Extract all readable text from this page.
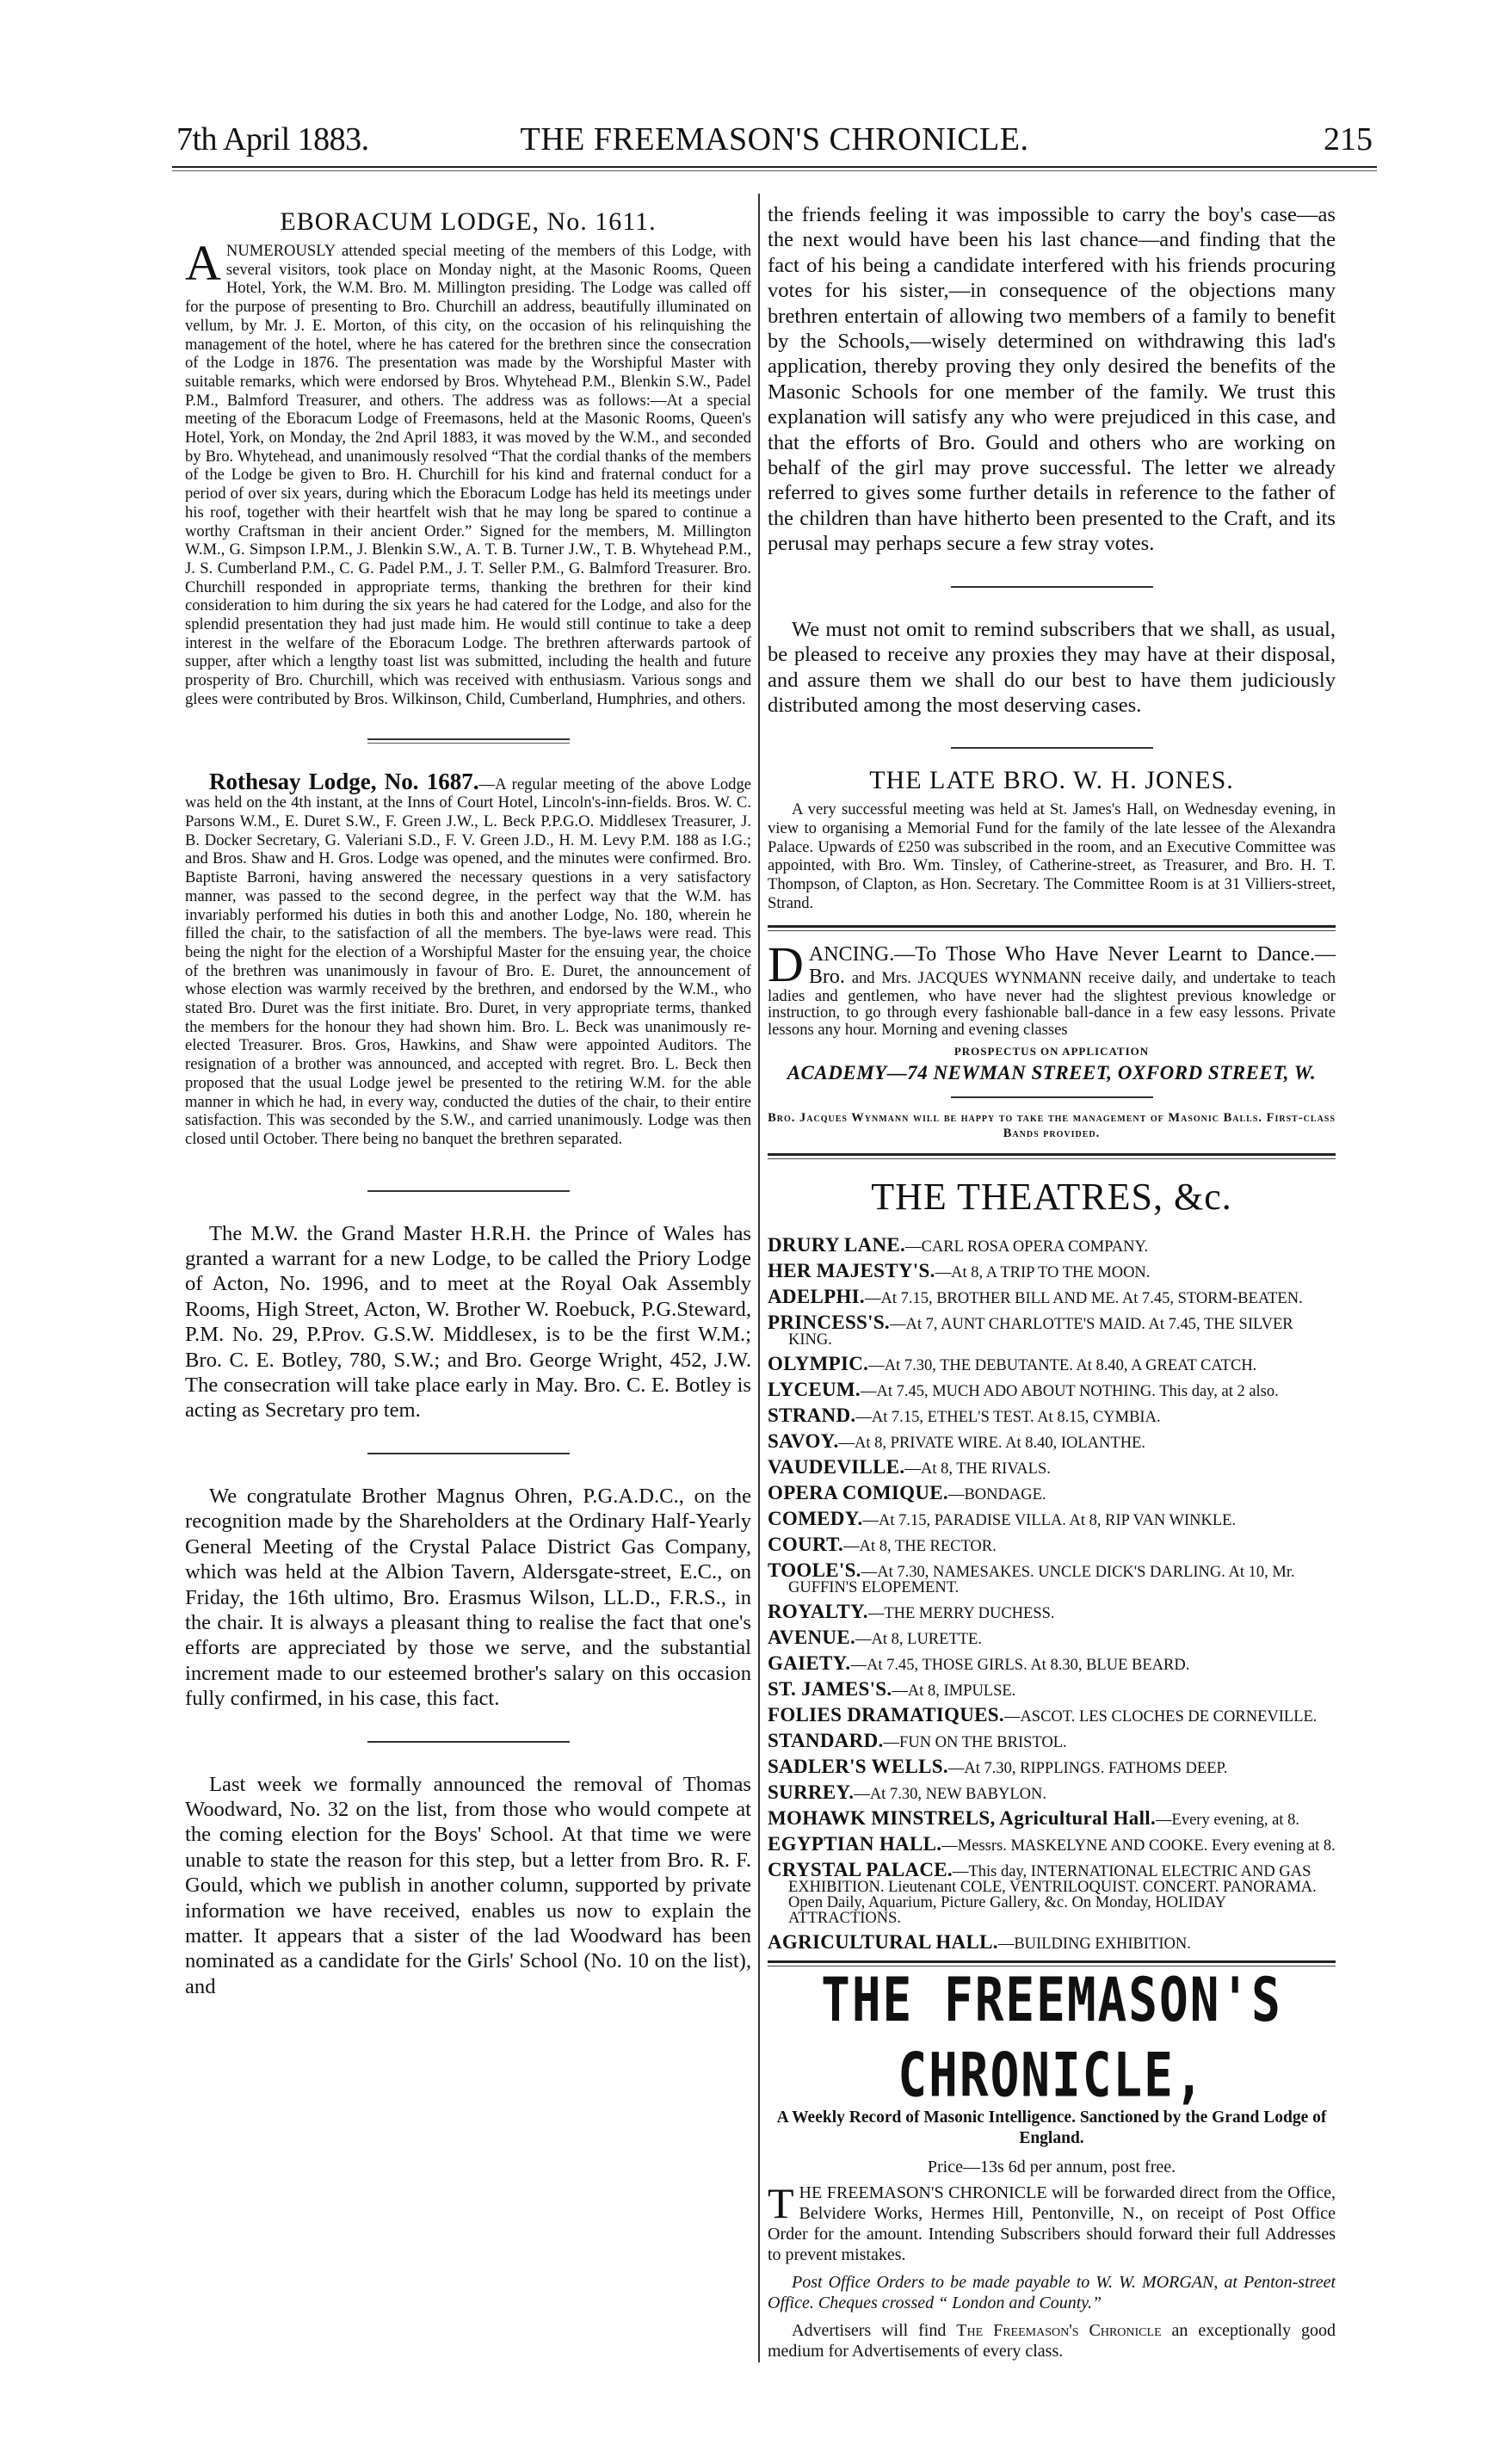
7th April 1883.	THE FREEMASON'S CHRONICLE.	215
EBORACUM LODGE, No. 1611.

ANUMEROUSLY attended special meeting of the members of this Lodge, with several visitors, took place on Monday night, at the Masonic Rooms, Queen Hotel, York, the W.M. Bro. M. Millington presiding. The Lodge was called off for the purpose of presenting to Bro. Churchill an address, beautifully illuminated on vellum, by Mr. J. E. Morton, of this city, on the occasion of his relinquishing the management of the hotel, where he has catered for the brethren since the consecration of the Lodge in 1876. The presentation was made by the Worshipful Master with suitable remarks, which were endorsed by Bros. Whytehead P.M., Blenkin S.W., Padel P.M., Balmford Treasurer, and others. The address was as follows:—At a special meeting of the Eboracum Lodge of Freemasons, held at the Masonic Rooms, Queen's Hotel, York, on Monday, the 2nd April 1883, it was moved by the W.M., and seconded by Bro. Whytehead, and unanimously resolved “That the cordial thanks of the members of the Lodge be given to Bro. H. Churchill for his kind and fraternal conduct for a period of over six years, during which the Eboracum Lodge has held its meetings under his roof, together with their heartfelt wish that he may long be spared to continue a worthy Craftsman in their ancient Order.” Signed for the members, M. Millington W.M., G. Simpson I.P.M., J. Blenkin S.W., A. T. B. Turner J.W., T. B. Whytehead P.M., J. S. Cumberland P.M., C. G. Padel P.M., J. T. Seller P.M., G. Balmford Treasurer. Bro. Churchill responded in appropriate terms, thanking the brethren for their kind consideration to him during the six years he had catered for the Lodge, and also for the splendid presentation they had just made him. He would still continue to take a deep interest in the welfare of the Eboracum Lodge. The brethren afterwards partook of supper, after which a lengthy toast list was submitted, including the health and future prosperity of Bro. Churchill, which was received with enthusiasm. Various songs and glees were contributed by Bros. Wilkinson, Child, Cumberland, Humphries, and others.

Rothesay Lodge, No. 1687.—A regular meeting of the above Lodge was held on the 4th instant, at the Inns of Court Hotel, Lincoln's-inn-fields. Bros. W. C. Parsons W.M., E. Duret S.W., F. Green J.W., L. Beck P.P.G.O. Middlesex Treasurer, J. B. Docker Secretary, G. Valeriani S.D., F. V. Green J.D., H. M. Levy P.M. 188 as I.G.; and Bros. Shaw and H. Gros. Lodge was opened, and the minutes were confirmed. Bro. Baptiste Barroni, having answered the necessary questions in a very satisfactory manner, was passed to the second degree, in the perfect way that the W.M. has invariably performed his duties in both this and another Lodge, No. 180, wherein he filled the chair, to the satisfaction of all the members. The bye-laws were read. This being the night for the election of a Worshipful Master for the ensuing year, the choice of the brethren was unanimously in favour of Bro. E. Duret, the announcement of whose election was warmly received by the brethren, and endorsed by the W.M., who stated Bro. Duret was the first initiate. Bro. Duret, in very appropriate terms, thanked the members for the honour they had shown him. Bro. L. Beck was unanimously re-elected Treasurer. Bros. Gros, Hawkins, and Shaw were appointed Auditors. The resignation of a brother was announced, and accepted with regret. Bro. L. Beck then proposed that the usual Lodge jewel be presented to the retiring W.M. for the able manner in which he had, in every way, conducted the duties of the chair, to their entire satisfaction. This was seconded by the S.W., and carried unanimously. Lodge was then closed until October. There being no banquet the brethren separated.

The M.W. the Grand Master H.R.H. the Prince of Wales has granted a warrant for a new Lodge, to be called the Priory Lodge of Acton, No. 1996, and to meet at the Royal Oak Assembly Rooms, High Street, Acton, W. Brother W. Roebuck, P.G.Steward, P.M. No. 29, P.Prov. G.S.W. Middlesex, is to be the first W.M.; Bro. C. E. Botley, 780, S.W.; and Bro. George Wright, 452, J.W. The consecration will take place early in May. Bro. C. E. Botley is acting as Secretary pro tem.

We congratulate Brother Magnus Ohren, P.G.A.D.C., on the recognition made by the Shareholders at the Ordinary Half-Yearly General Meeting of the Crystal Palace District Gas Company, which was held at the Albion Tavern, Aldersgate-street, E.C., on Friday, the 16th ultimo, Bro. Erasmus Wilson, LL.D., F.R.S., in the chair. It is always a pleasant thing to realise the fact that one's efforts are appreciated by those we serve, and the substantial increment made to our esteemed brother's salary on this occasion fully confirmed, in his case, this fact.

Last week we formally announced the removal of Thomas Woodward, No. 32 on the list, from those who would compete at the coming election for the Boys' School. At that time we were unable to state the reason for this step, but a letter from Bro. R. F. Gould, which we publish in another column, supported by private information we have received, enables us now to explain the matter. It appears that a sister of the lad Woodward has been nominated as a candidate for the Girls' School (No. 10 on the list), and

the friends feeling it was impossible to carry the boy's case—as the next would have been his last chance—and finding that the fact of his being a candidate interfered with his friends procuring votes for his sister,—in consequence of the objections many brethren entertain of allowing two members of a family to benefit by the Schools,—wisely determined on withdrawing this lad's application, thereby proving they only desired the benefits of the Masonic Schools for one member of the family. We trust this explanation will satisfy any who were prejudiced in this case, and that the efforts of Bro. Gould and others who are working on behalf of the girl may prove successful. The letter we already referred to gives some further details in reference to the father of the children than have hitherto been presented to the Craft, and its perusal may perhaps secure a few stray votes.

We must not omit to remind subscribers that we shall, as usual, be pleased to receive any proxies they may have at their disposal, and assure them we shall do our best to have them judiciously distributed among the most deserving cases.

THE LATE BRO. W. H. JONES.

A very successful meeting was held at St. James's Hall, on Wednesday evening, in view to organising a Memorial Fund for the family of the late lessee of the Alexandra Palace. Upwards of £250 was subscribed in the room, and an Executive Committee was appointed, with Bro. Wm. Tinsley, of Catherine-street, as Treasurer, and Bro. H. T. Thompson, of Clapton, as Hon. Secretary. The Committee Room is at 31 Villiers-street, Strand.

DANCING.—To Those Who Have Never Learnt to Dance.—Bro. and Mrs. JACQUES WYNMANN receive daily, and undertake to teach ladies and gentlemen, who have never had the slightest previous knowledge or instruction, to go through every fashionable ball-dance in a few easy lessons. Private lessons any hour. Morning and evening classes

PROSPECTUS ON APPLICATION
ACADEMY—74 NEWMAN STREET, OXFORD STREET, W.
Bro. Jacques Wynmann will be happy to take the management of Masonic Balls. First-class Bands provided.
THE THEATRES, &c.
DRURY LANE.—CARL ROSA OPERA COMPANY.
HER MAJESTY'S.—At 8, A TRIP TO THE MOON.
ADELPHI.—At 7.15, BROTHER BILL AND ME. At 7.45, STORM-BEATEN.
PRINCESS'S.—At 7, AUNT CHARLOTTE'S MAID. At 7.45, THE SILVER KING.
OLYMPIC.—At 7.30, THE DEBUTANTE. At 8.40, A GREAT CATCH.
LYCEUM.—At 7.45, MUCH ADO ABOUT NOTHING. This day, at 2 also.
STRAND.—At 7.15, ETHEL'S TEST. At 8.15, CYMBIA.
SAVOY.—At 8, PRIVATE WIRE. At 8.40, IOLANTHE.
VAUDEVILLE.—At 8, THE RIVALS.
OPERA COMIQUE.—BONDAGE.
COMEDY.—At 7.15, PARADISE VILLA. At 8, RIP VAN WINKLE.
COURT.—At 8, THE RECTOR.
TOOLE'S.—At 7.30, NAMESAKES. UNCLE DICK'S DARLING. At 10, Mr. GUFFIN'S ELOPEMENT.
ROYALTY.—THE MERRY DUCHESS.
AVENUE.—At 8, LURETTE.
GAIETY.—At 7.45, THOSE GIRLS. At 8.30, BLUE BEARD.
ST. JAMES'S.—At 8, IMPULSE.
FOLIES DRAMATIQUES.—ASCOT. LES CLOCHES DE CORNEVILLE.
STANDARD.—FUN ON THE BRISTOL.
SADLER'S WELLS.—At 7.30, RIPPLINGS. FATHOMS DEEP.
SURREY.—At 7.30, NEW BABYLON.
MOHAWK MINSTRELS, Agricultural Hall.—Every evening, at 8.
EGYPTIAN HALL.—Messrs. MASKELYNE AND COOKE. Every evening at 8.
CRYSTAL PALACE.—This day, INTERNATIONAL ELECTRIC AND GAS EXHIBITION. Lieutenant COLE, VENTRILOQUIST. CONCERT. PANORAMA. Open Daily, Aquarium, Picture Gallery, &c. On Monday, HOLIDAY ATTRACTIONS.
AGRICULTURAL HALL.—BUILDING EXHIBITION.
THE FREEMASON'S CHRONICLE,
A Weekly Record of Masonic Intelligence. Sanctioned by the Grand Lodge of England.
Price—13s 6d per annum, post free.

THE FREEMASON'S CHRONICLE will be forwarded direct from the Office, Belvidere Works, Hermes Hill, Pentonville, N., on receipt of Post Office Order for the amount. Intending Subscribers should forward their full Addresses to prevent mistakes.

Post Office Orders to be made payable to W. W. MORGAN, at Penton-street Office. Cheques crossed “ London and County.”

Advertisers will find The Freemason's Chronicle an exceptionally good medium for Advertisements of every class.
